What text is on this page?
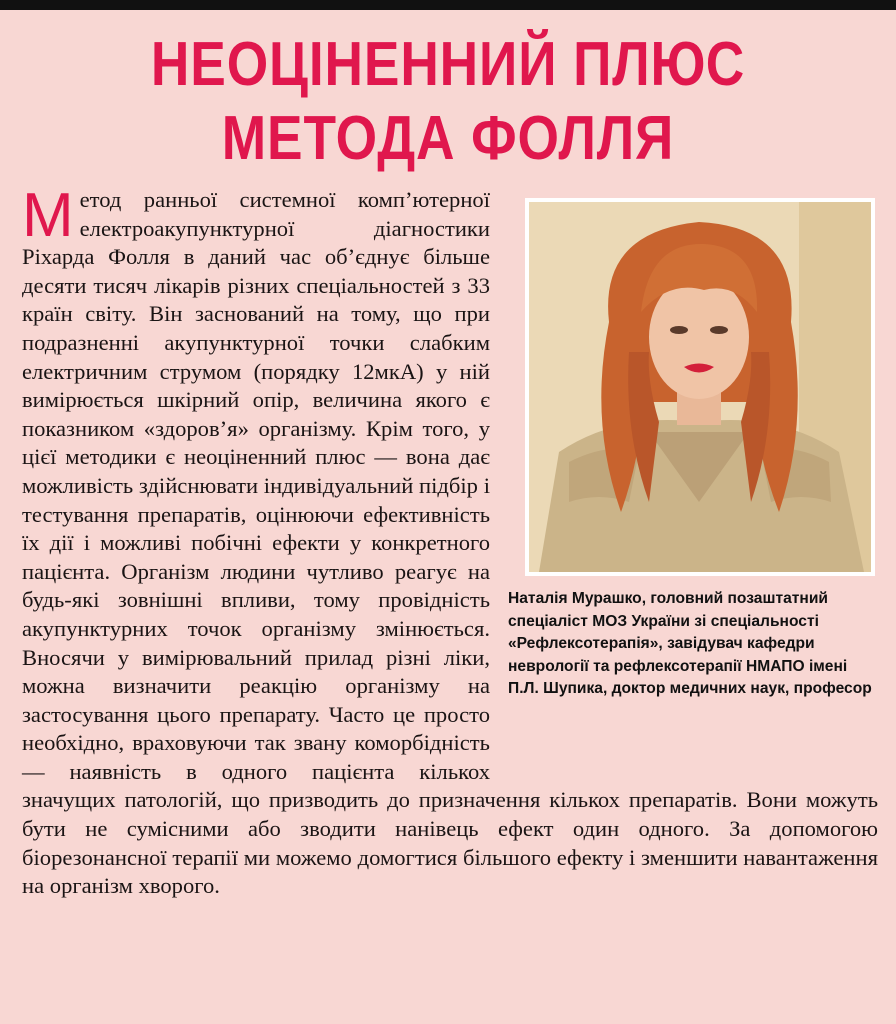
НЕОЦІНЕННИЙ ПЛЮС
МЕТОДА ФОЛЛЯ
Наталія Мурашко, головний позаштатний спеціаліст МОЗ України зі спеціальності «Рефлексотерапія», завідувач кафедри неврології та рефлексотерапії НМАПО імені П.Л. Шупика, доктор медичних наук, професор

Метод ранньої системної комп’ютерної електроакупунктурної діагностики Ріхарда Фолля в даний час об’єднує більше десяти тисяч лікарів різних спеціальностей з 33 країн світу. Він заснований на тому, що при подразненні акупунктурної точки слабким електричним струмом (порядку 12мкА) у ній вимірюється шкірний опір, величина якого є показником «здоров’я» організму. Крім того, у цієї методики є неоціненний плюс — вона дає можливість здійснювати індивідуальний підбір і тестування препаратів, оцінюючи ефективність їх дії і можливі побічні ефекти у конкретного пацієнта. Організм людини чутливо реагує на будь-які зовнішні впливи, тому провідність акупунктурних точок організму змінюється. Вносячи у вимірювальний прилад різні ліки, можна визначити реакцію організму на застосування цього препарату. Часто це просто необхідно, враховуючи так звану коморбідність — наявність в одного пацієнта кількох значущих патологій, що призводить до призначення кількох препаратів. Вони можуть бути не сумісними або зводити нанівець ефект один одного. За допомогою біорезонансної терапії ми можемо домогтися більшого ефекту і зменшити навантаження на організм хворого.
